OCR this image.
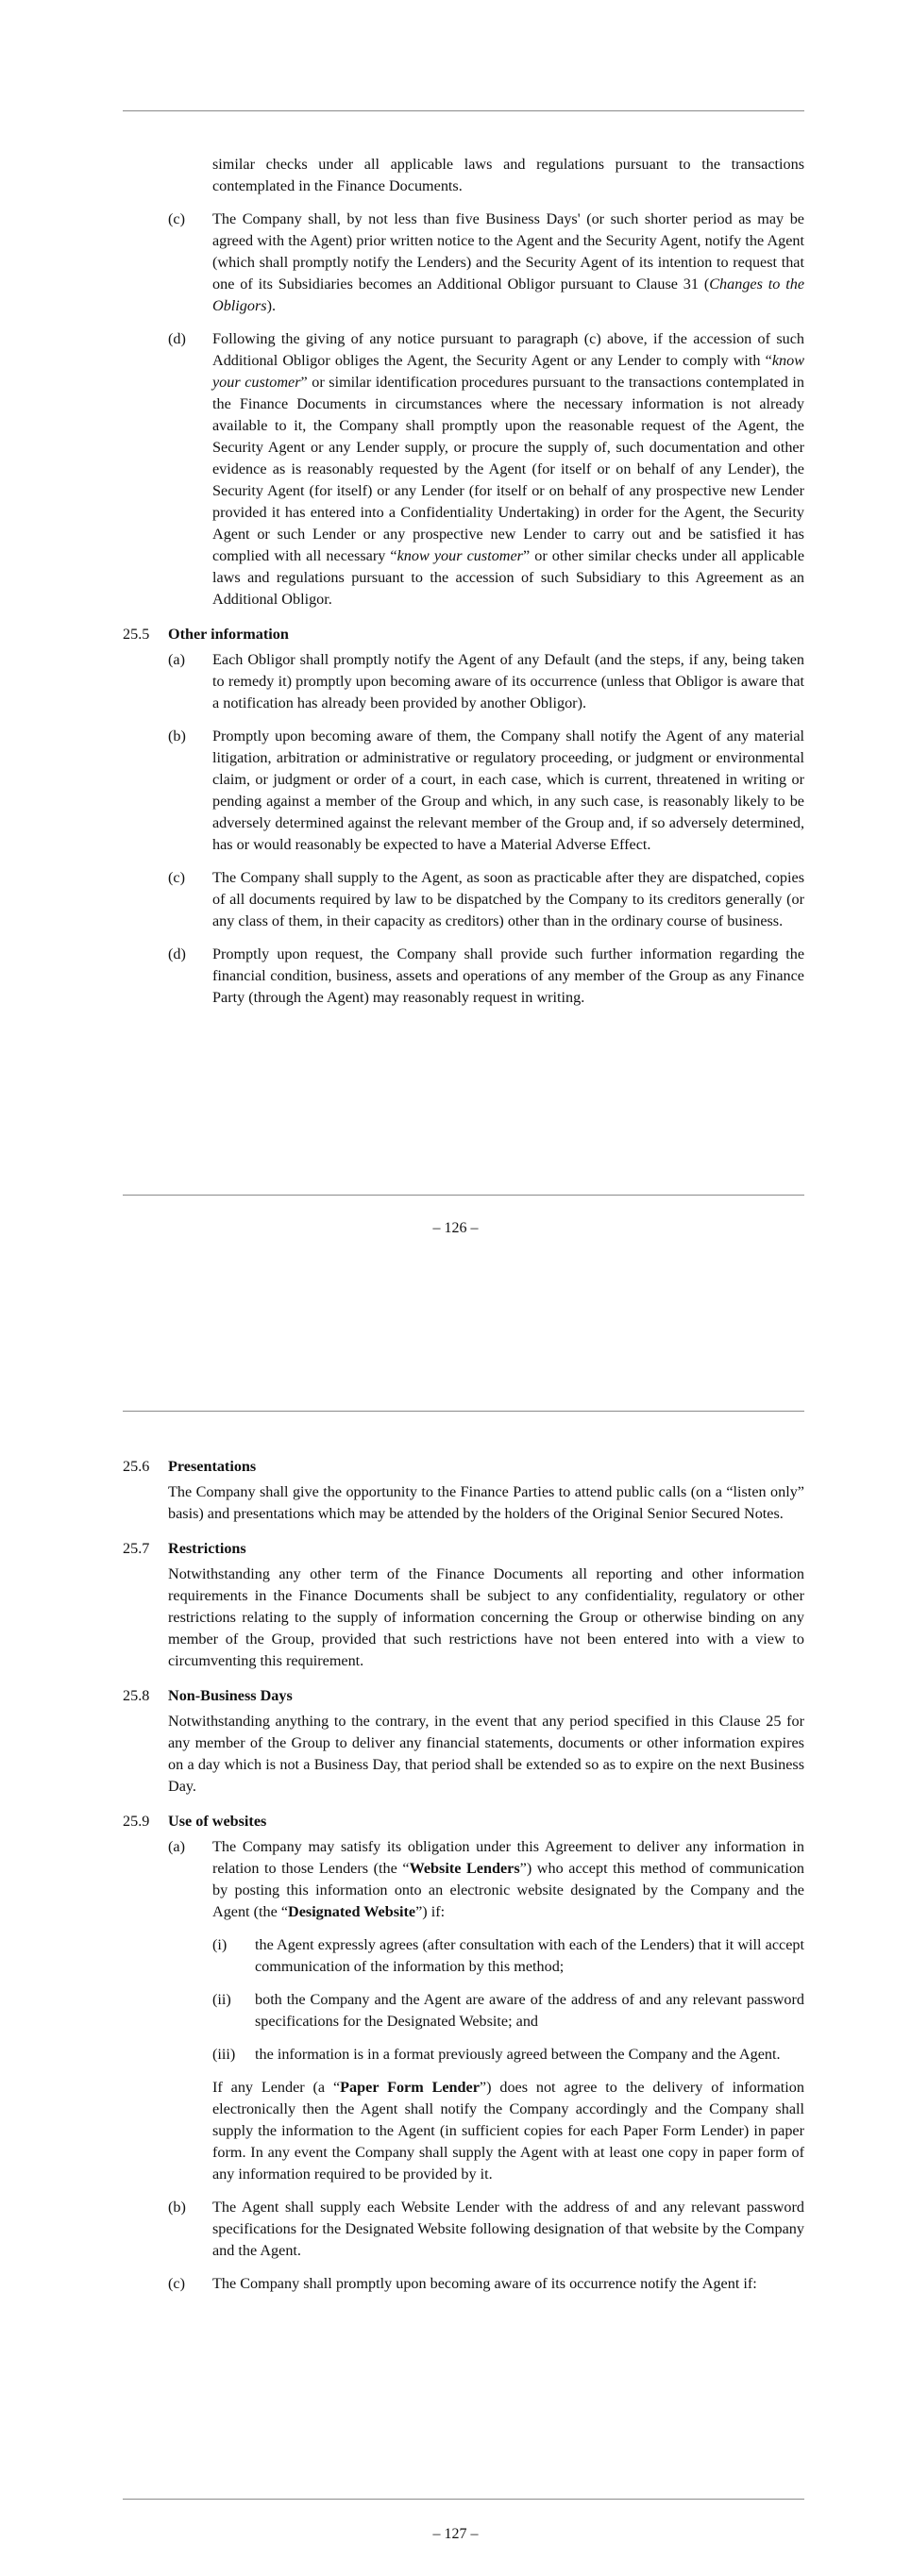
similar checks under all applicable laws and regulations pursuant to the transactions contemplated in the Finance Documents.

(c) The Company shall, by not less than five Business Days' (or such shorter period as may be agreed with the Agent) prior written notice to the Agent and the Security Agent, notify the Agent (which shall promptly notify the Lenders) and the Security Agent of its intention to request that one of its Subsidiaries becomes an Additional Obligor pursuant to Clause 31 (Changes to the Obligors).

(d) Following the giving of any notice pursuant to paragraph (c) above, if the accession of such Additional Obligor obliges the Agent, the Security Agent or any Lender to comply with “know your customer” or similar identification procedures pursuant to the transactions contemplated in the Finance Documents in circumstances where the necessary information is not already available to it, the Company shall promptly upon the reasonable request of the Agent, the Security Agent or any Lender supply, or procure the supply of, such documentation and other evidence as is reasonably requested by the Agent (for itself or on behalf of any Lender), the Security Agent (for itself) or any Lender (for itself or on behalf of any prospective new Lender provided it has entered into a Confidentiality Undertaking) in order for the Agent, the Security Agent or such Lender or any prospective new Lender to carry out and be satisfied it has complied with all necessary “know your customer” or other similar checks under all applicable laws and regulations pursuant to the accession of such Subsidiary to this Agreement as an Additional Obligor.

25.5 Other information
(a) Each Obligor shall promptly notify the Agent of any Default (and the steps, if any, being taken to remedy it) promptly upon becoming aware of its occurrence (unless that Obligor is aware that a notification has already been provided by another Obligor).

(b) Promptly upon becoming aware of them, the Company shall notify the Agent of any material litigation, arbitration or administrative or regulatory proceeding, or judgment or environmental claim, or judgment or order of a court, in each case, which is current, threatened in writing or pending against a member of the Group and which, in any such case, is reasonably likely to be adversely determined against the relevant member of the Group and, if so adversely determined, has or would reasonably be expected to have a Material Adverse Effect.

(c) The Company shall supply to the Agent, as soon as practicable after they are dispatched, copies of all documents required by law to be dispatched by the Company to its creditors generally (or any class of them, in their capacity as creditors) other than in the ordinary course of business.

(d) Promptly upon request, the Company shall provide such further information regarding the financial condition, business, assets and operations of any member of the Group as any Finance Party (through the Agent) may reasonably request in writing.

– 126 –
25.6 Presentations

The Company shall give the opportunity to the Finance Parties to attend public calls (on a “listen only” basis) and presentations which may be attended by the holders of the Original Senior Secured Notes.

25.7 Restrictions

Notwithstanding any other term of the Finance Documents all reporting and other information requirements in the Finance Documents shall be subject to any confidentiality, regulatory or other restrictions relating to the supply of information concerning the Group or otherwise binding on any member of the Group, provided that such restrictions have not been entered into with a view to circumventing this requirement.

25.8 Non-Business Days

Notwithstanding anything to the contrary, in the event that any period specified in this Clause 25 for any member of the Group to deliver any financial statements, documents or other information expires on a day which is not a Business Day, that period shall be extended so as to expire on the next Business Day.

25.9 Use of websites
(a) The Company may satisfy its obligation under this Agreement to deliver any information in relation to those Lenders (the “Website Lenders”) who accept this method of communication by posting this information onto an electronic website designated by the Company and the Agent (the “Designated Website”) if:

(i) the Agent expressly agrees (after consultation with each of the Lenders) that it will accept communication of the information by this method;

(ii) both the Company and the Agent are aware of the address of and any relevant password specifications for the Designated Website; and

(iii) the information is in a format previously agreed between the Company and the Agent.

If any Lender (a “Paper Form Lender”) does not agree to the delivery of information electronically then the Agent shall notify the Company accordingly and the Company shall supply the information to the Agent (in sufficient copies for each Paper Form Lender) in paper form. In any event the Company shall supply the Agent with at least one copy in paper form of any information required to be provided by it.

(b) The Agent shall supply each Website Lender with the address of and any relevant password specifications for the Designated Website following designation of that website by the Company and the Agent.

(c) The Company shall promptly upon becoming aware of its occurrence notify the Agent if:

– 127 –
